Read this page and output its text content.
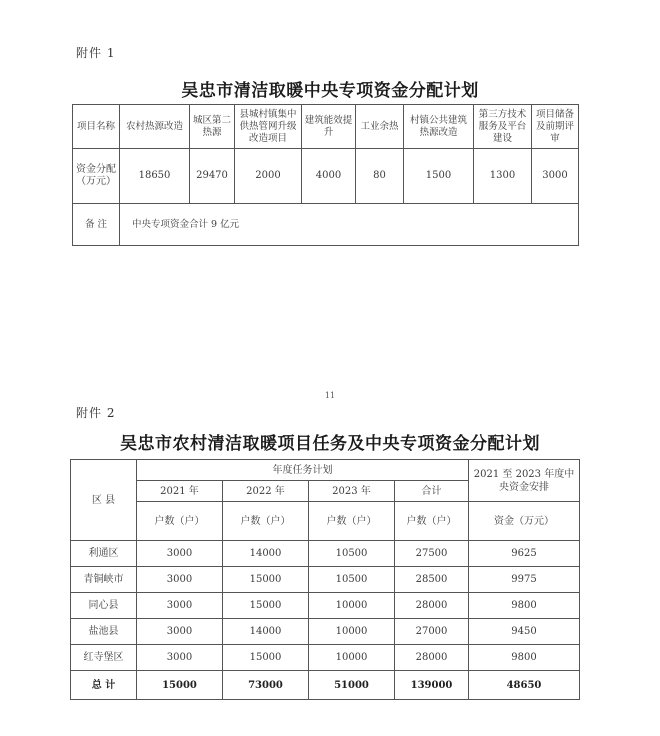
附件 1
吴忠市清洁取暖中央专项资金分配计划
项目名称	农村热源改造	城区第二热源	县城村镇集中供热管网升级改造项目	建筑能效提升	工业余热	村镇公共建筑热源改造	第三方技术服务及平台建设	项目储备及前期评审
资金分配（万元）	18650	29470	2000	4000	80	1500	1300	3000
备 注	中央专项资金合计 9 亿元							
11
附件 2
吴忠市农村清洁取暖项目任务及中央专项资金分配计划
区 县	年度任务计划				2021 至 2023 年度中央资金安排
	2021 年	2022 年	2023 年	合计	
	户数（户）	户数（户）	户数（户）	户数（户）	资金（万元）
利通区	3000	14000	10500	27500	9625
青铜峡市	3000	15000	10500	28500	9975
同心县	3000	15000	10000	28000	9800
盐池县	3000	14000	10000	27000	9450
红寺堡区	3000	15000	10000	28000	9800
总 计	15000	73000	51000	139000	48650
